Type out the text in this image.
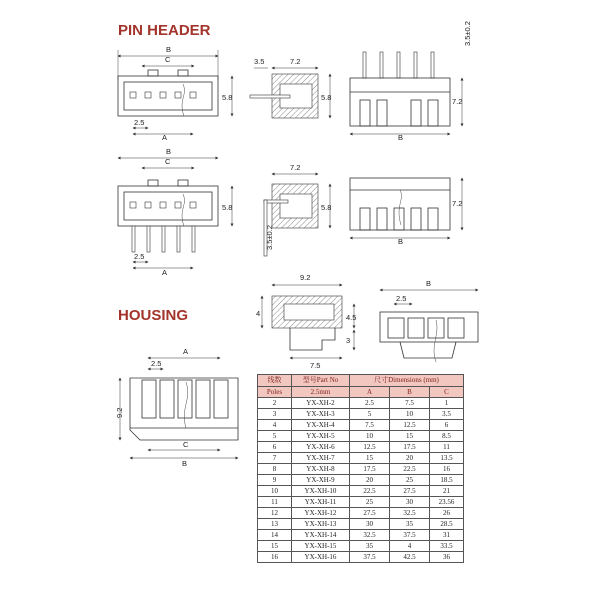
PIN HEADER
HOUSING
B
C
2.5
A
5.8
3.5	7.2
5.8
B
7.2
3.5±0.2
B
C
2.5
A
5.8
7.2
5.8
3.5±0.2	B
7.2
9.2
4	4.5
3
7.5
B
2.5
A
2.5
9.2
C
B
线数	型号Part No	尺寸Dimensions (mm)		
Poles	2.5mm	A	B	C
2	YX-XH-2	2.5	7.5	1
3	YX-XH-3	5	10	3.5
4	YX-XH-4	7.5	12.5	6
5	YX-XH-5	10	15	8.5
6	YX-XH-6	12.5	17.5	11
7	YX-XH-7	15	20	13.5
8	YX-XH-8	17.5	22.5	16
9	YX-XH-9	20	25	18.5
10	YX-XH-10	22.5	27.5	21
11	YX-XH-11	25	30	23.56
12	YX-XH-12	27.5	32.5	26
13	YX-XH-13	30	35	28.5
14	YX-XH-14	32.5	37.5	31
15	YX-XH-15	35	4	33.5
16	YX-XH-16	37.5	42.5	36
